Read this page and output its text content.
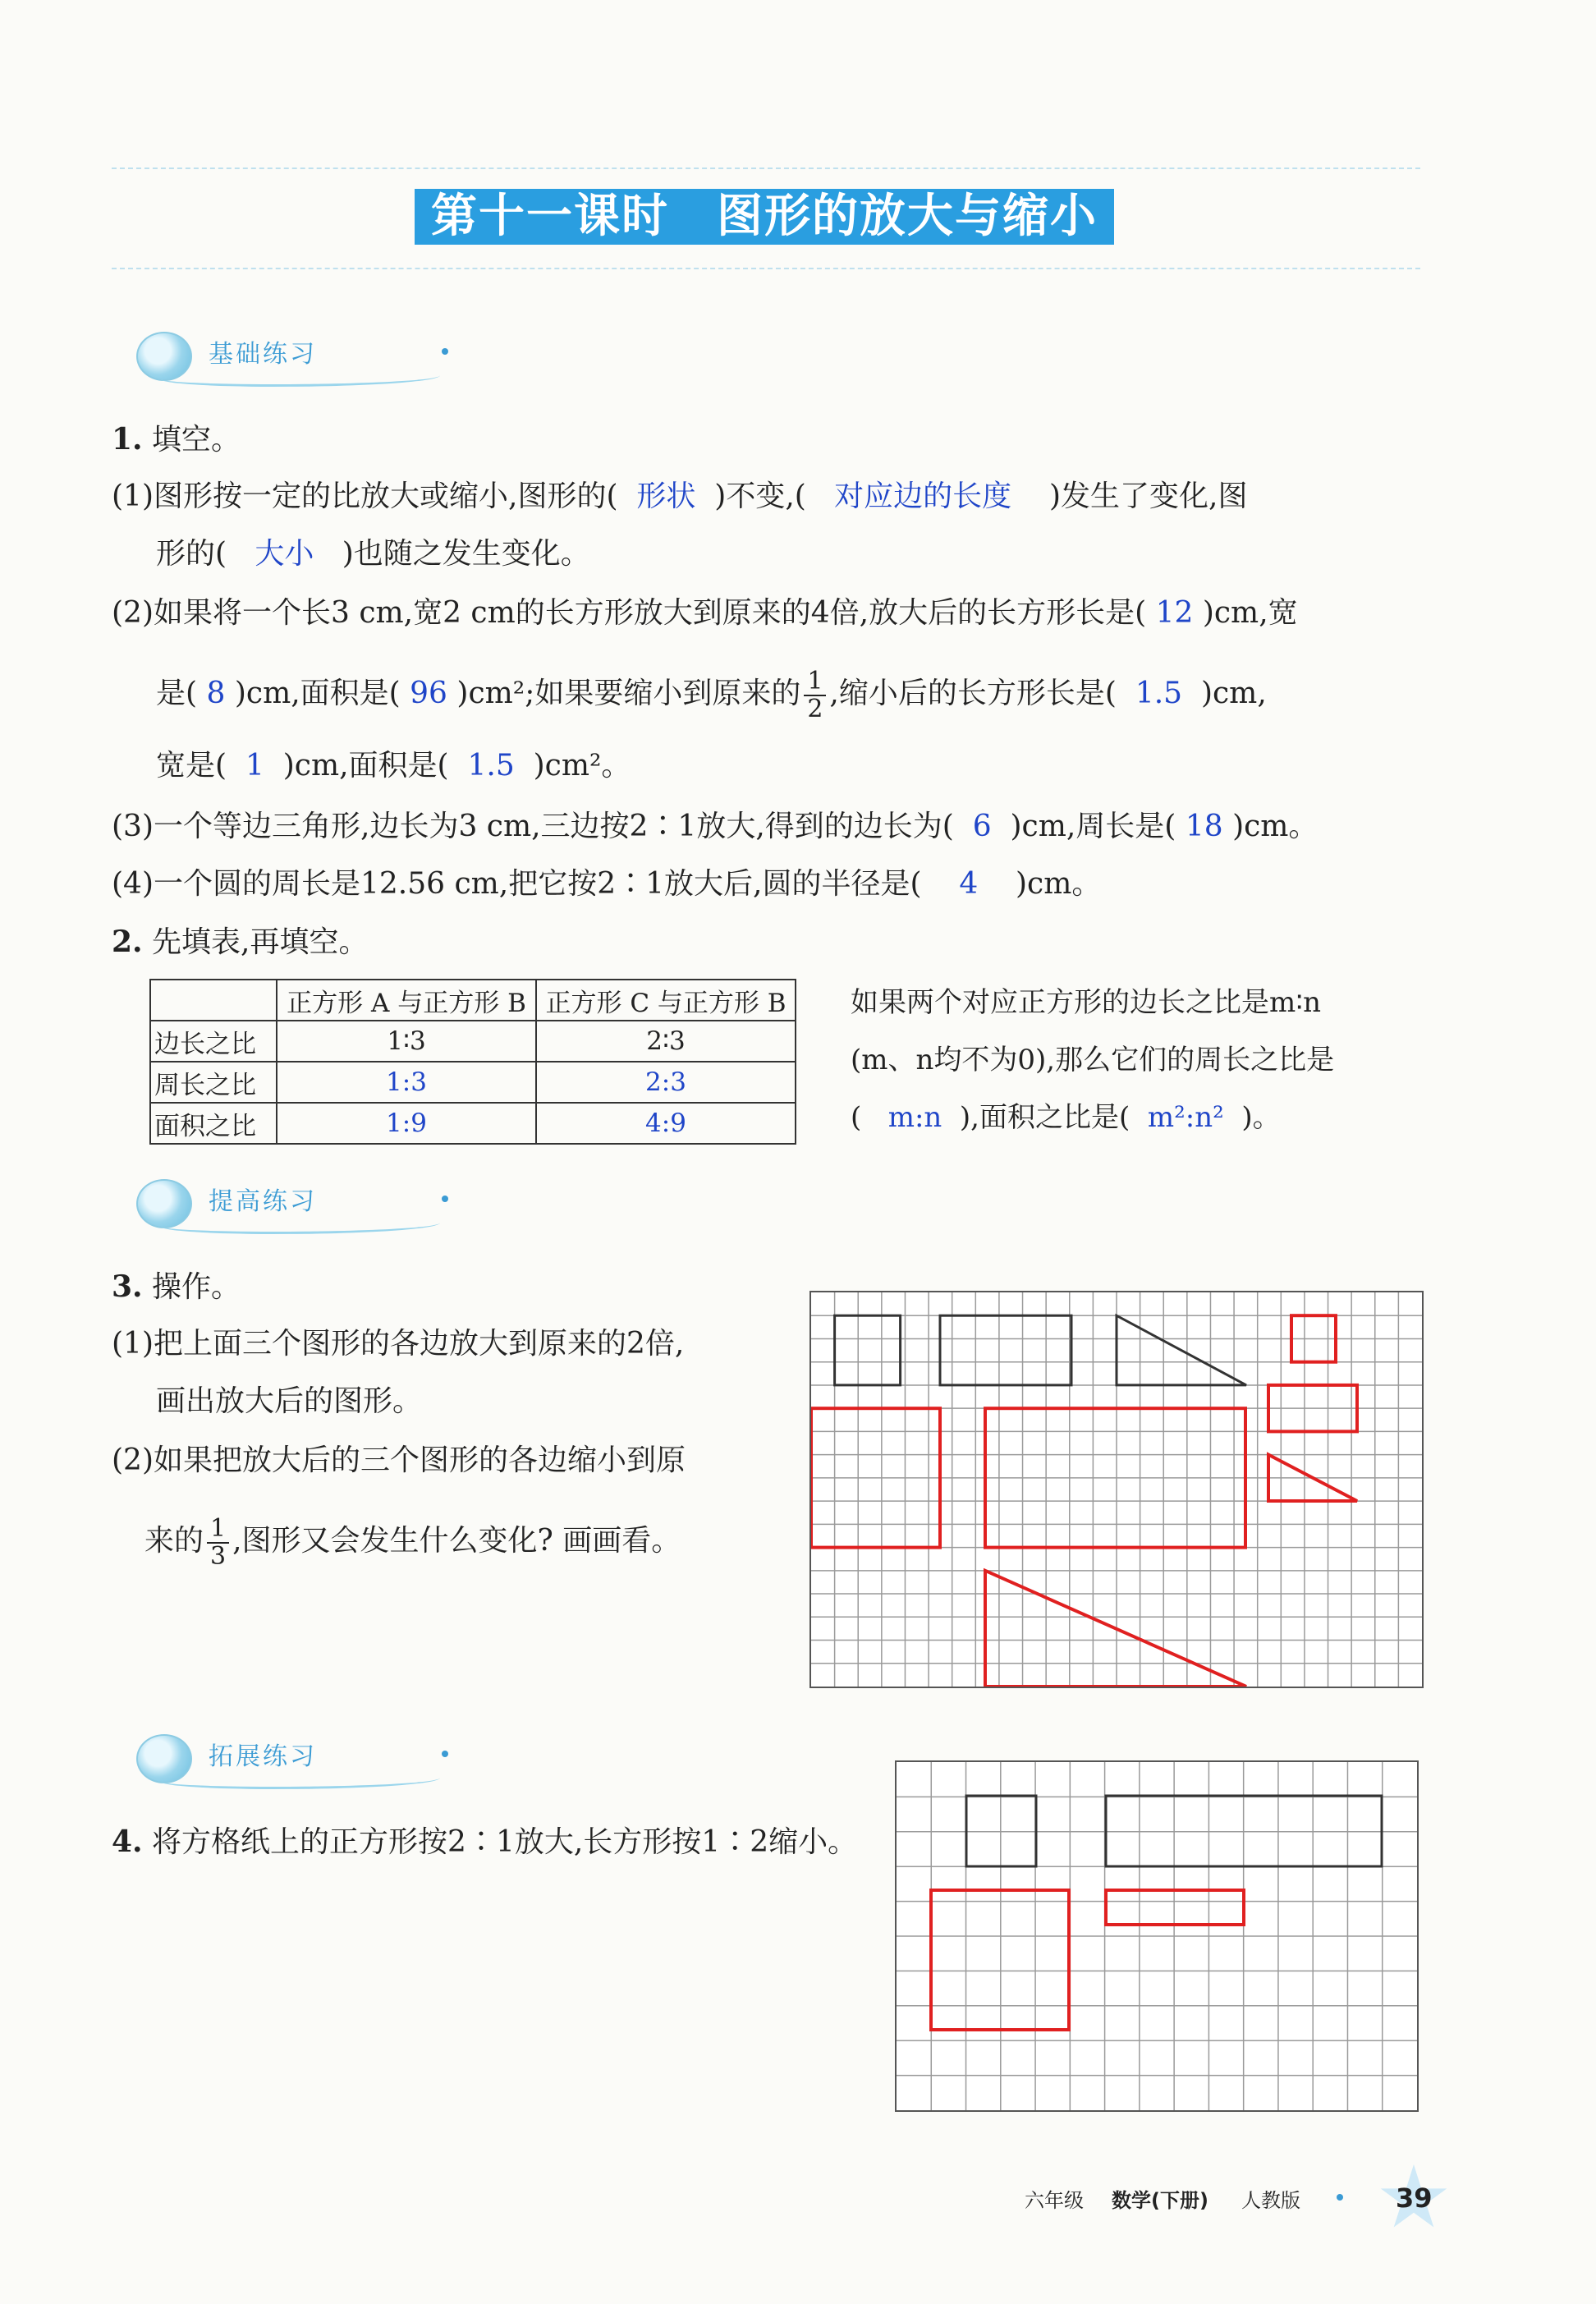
第十一课时　图形的放大与缩小
基础练习
1. 填空。
(1)图形按一定的比放大或缩小,图形的( 形状 )不变,( 对应边的长度 )发生了变化,图
形的( 大小 )也随之发生变化。
(2)如果将一个长3 cm,宽2 cm的长方形放大到原来的4倍,放大后的长方形长是( 12 )cm,宽
是( 8 )cm,面积是( 96 )cm²;如果要缩小到原来的 $\frac{1}{2}$ ,缩小后的长方形长是( 1.5 )cm,
宽是( 1 )cm,面积是( 1.5 )cm²。
(3)一个等边三角形,边长为3 cm,三边按2∶1放大,得到的边长为( 6 )cm,周长是( 18 )cm。
(4)一个圆的周长是12.56 cm,把它按2∶1放大后,圆的半径是( 4 )cm。
2. 先填表,再填空。
	正方形 A 与正方形 B	正方形 C 与正方形 B
边长之比	1∶3	2∶3
周长之比	1:3	2:3
面积之比	1:9	4:9
如果两个对应正方形的边长之比是m∶n
(m、n均不为0),那么它们的周长之比是
( m:n ),面积之比是( m²:n² )。
提高练习
3. 操作。
(1)把上面三个图形的各边放大到原来的2倍,
画出放大后的图形。
(2)如果把放大后的三个图形的各边缩小到原
来的 $\frac{1}{3}$ ,图形又会发生什么变化? 画画看。
拓展练习
4. 将方格纸上的正方形按2∶1放大,长方形按1∶2缩小。
六年级 数学(下册) 人教版	39
